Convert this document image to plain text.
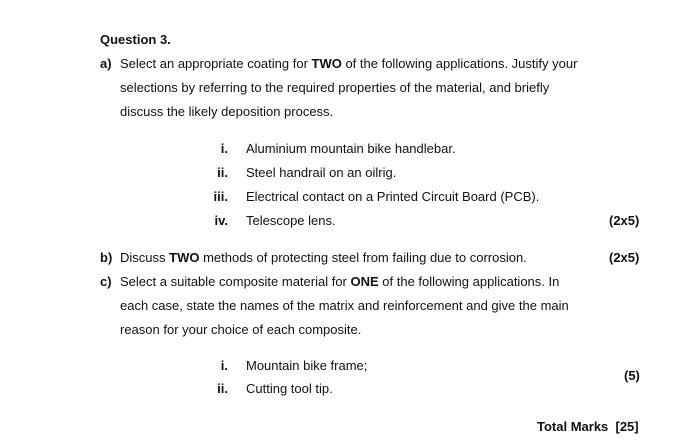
Question 3.
a) Select an appropriate coating for TWO of the following applications. Justify your
selections by referring to the required properties of the material, and briefly
discuss the likely deposition process.
i. Aluminium mountain bike handlebar.
ii. Steel handrail on an oilrig.
iii. Electrical contact on a Printed Circuit Board (PCB).
iv. Telescope lens.	(2x5)
b) Discuss TWO methods of protecting steel from failing due to corrosion.	(2x5)
c) Select a suitable composite material for ONE of the following applications. In
each case, state the names of the matrix and reinforcement and give the main
reason for your choice of each composite.
i. Mountain bike frame;
ii. Cutting tool tip.
(5)
Total Marks  [25]
